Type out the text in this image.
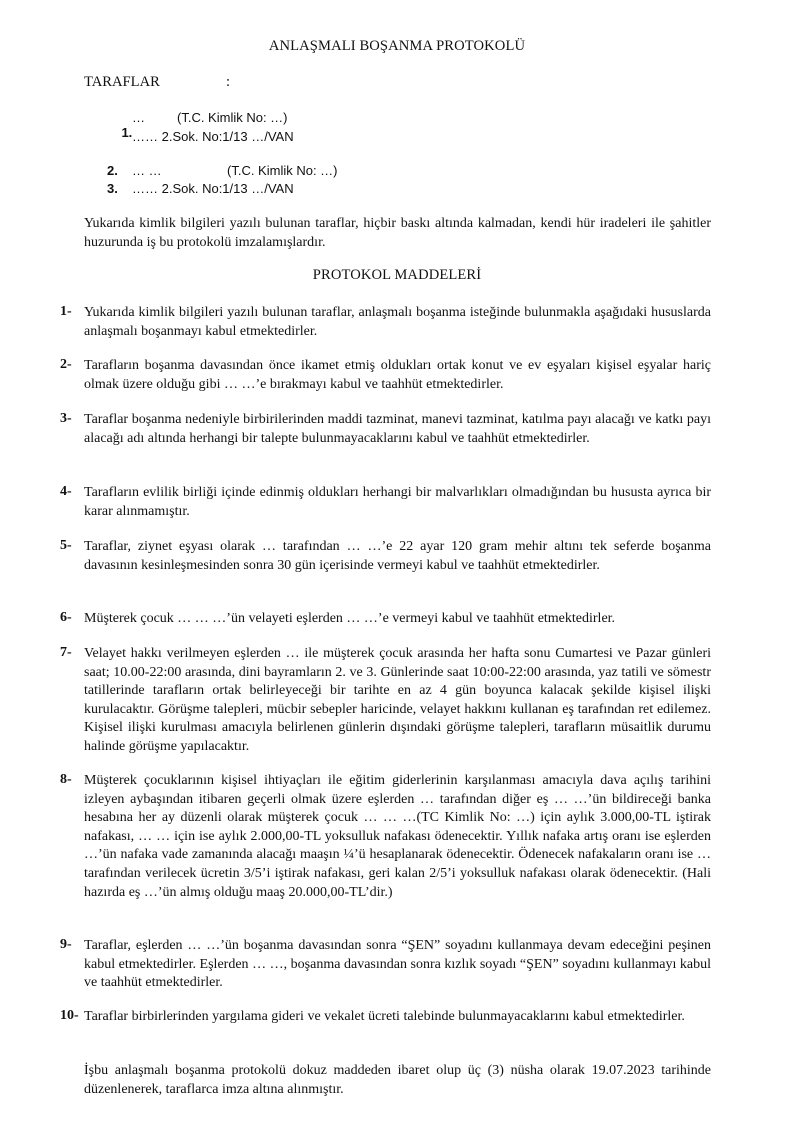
ANLAŞMALI BOŞANMA PROTOKOLÜ
TARAFLAR	:

1.

… (T.C. Kimlik No: …)
…… 2.Sok. No:1/13 …/VAN
2. … …	(T.C. Kimlik No: …)
3. …… 2.Sok. No:1/13 …/VAN

Yukarıda kimlik bilgileri yazılı bulunan taraflar, hiçbir baskı altında kalmadan, kendi hür iradeleri ile şahitler huzurunda iş bu protokolü imzalamışlardır.

PROTOKOL MADDELERİ
1- Yukarıda kimlik bilgileri yazılı bulunan taraflar, anlaşmalı boşanma isteğinde bulunmakla aşağıdaki hususlarda anlaşmalı boşanmayı kabul etmektedirler.

2- Tarafların boşanma davasından önce ikamet etmiş oldukları ortak konut ve ev eşyaları kişisel eşyalar hariç olmak üzere olduğu gibi … …’e bırakmayı kabul ve taahhüt etmektedirler.

3- Taraflar boşanma nedeniyle birbirilerinden maddi tazminat, manevi tazminat, katılma payı alacağı ve katkı payı alacağı adı altında herhangi bir talepte bulunmayacaklarını kabul ve taahhüt etmektedirler.

4- Tarafların evlilik birliği içinde edinmiş oldukları herhangi bir malvarlıkları olmadığından bu hususta ayrıca bir karar alınmamıştır.

5- Taraflar, ziynet eşyası olarak … tarafından … …’e 22 ayar 120 gram mehir altını tek seferde boşanma davasının kesinleşmesinden sonra 30 gün içerisinde vermeyi kabul ve taahhüt etmektedirler.

6- Müşterek çocuk … … …’ün velayeti eşlerden … …’e vermeyi kabul ve taahhüt etmektedirler.

7- Velayet hakkı verilmeyen eşlerden … ile müşterek çocuk arasında her hafta sonu Cumartesi ve Pazar günleri saat; 10.00-22:00 arasında, dini bayramların 2. ve 3. Günlerinde saat 10:00-22:00 arasında, yaz tatili ve sömestr tatillerinde tarafların ortak belirleyeceği bir tarihte en az 4 gün boyunca kalacak şekilde kişisel ilişki kurulacaktır. Görüşme talepleri, mücbir sebepler haricinde, velayet hakkını kullanan eş tarafından ret edilemez. Kişisel ilişki kurulması amacıyla belirlenen günlerin dışındaki görüşme talepleri, tarafların müsaitlik durumu halinde görüşme yapılacaktır.

8- Müşterek çocuklarının kişisel ihtiyaçları ile eğitim giderlerinin karşılanması amacıyla dava açılış tarihini izleyen aybaşından itibaren geçerli olmak üzere eşlerden … tarafından diğer eş … …’ün bildireceği banka hesabına her ay düzenli olarak müşterek çocuk … … …(TC Kimlik No: …) için aylık 3.000,00-TL iştirak nafakası, … … için ise aylık 2.000,00-TL yoksulluk nafakası ödenecektir. Yıllık nafaka artış oranı ise eşlerden …’ün nafaka vade zamanında alacağı maaşın ¼’ü hesaplanarak ödenecektir. Ödenecek nafakaların oranı ise … tarafından verilecek ücretin 3/5’i iştirak nafakası, geri kalan 2/5’i yoksulluk nafakası olarak ödenecektir. (Hali hazırda eş …’ün almış olduğu maaş 20.000,00-TL’dir.)

9- Taraflar, eşlerden … …’ün boşanma davasından sonra “ŞEN” soyadını kullanmaya devam edeceğini peşinen kabul etmektedirler. Eşlerden … …, boşanma davasından sonra kızlık soyadı “ŞEN” soyadını kullanmayı kabul ve taahhüt etmektedirler.

10- Taraflar birbirlerinden yargılama gideri ve vekalet ücreti talebinde bulunmayacaklarını kabul etmektedirler.

İşbu anlaşmalı boşanma protokolü dokuz maddeden ibaret olup üç (3) nüsha olarak 19.07.2023 tarihinde düzenlenerek, taraflarca imza altına alınmıştır.
